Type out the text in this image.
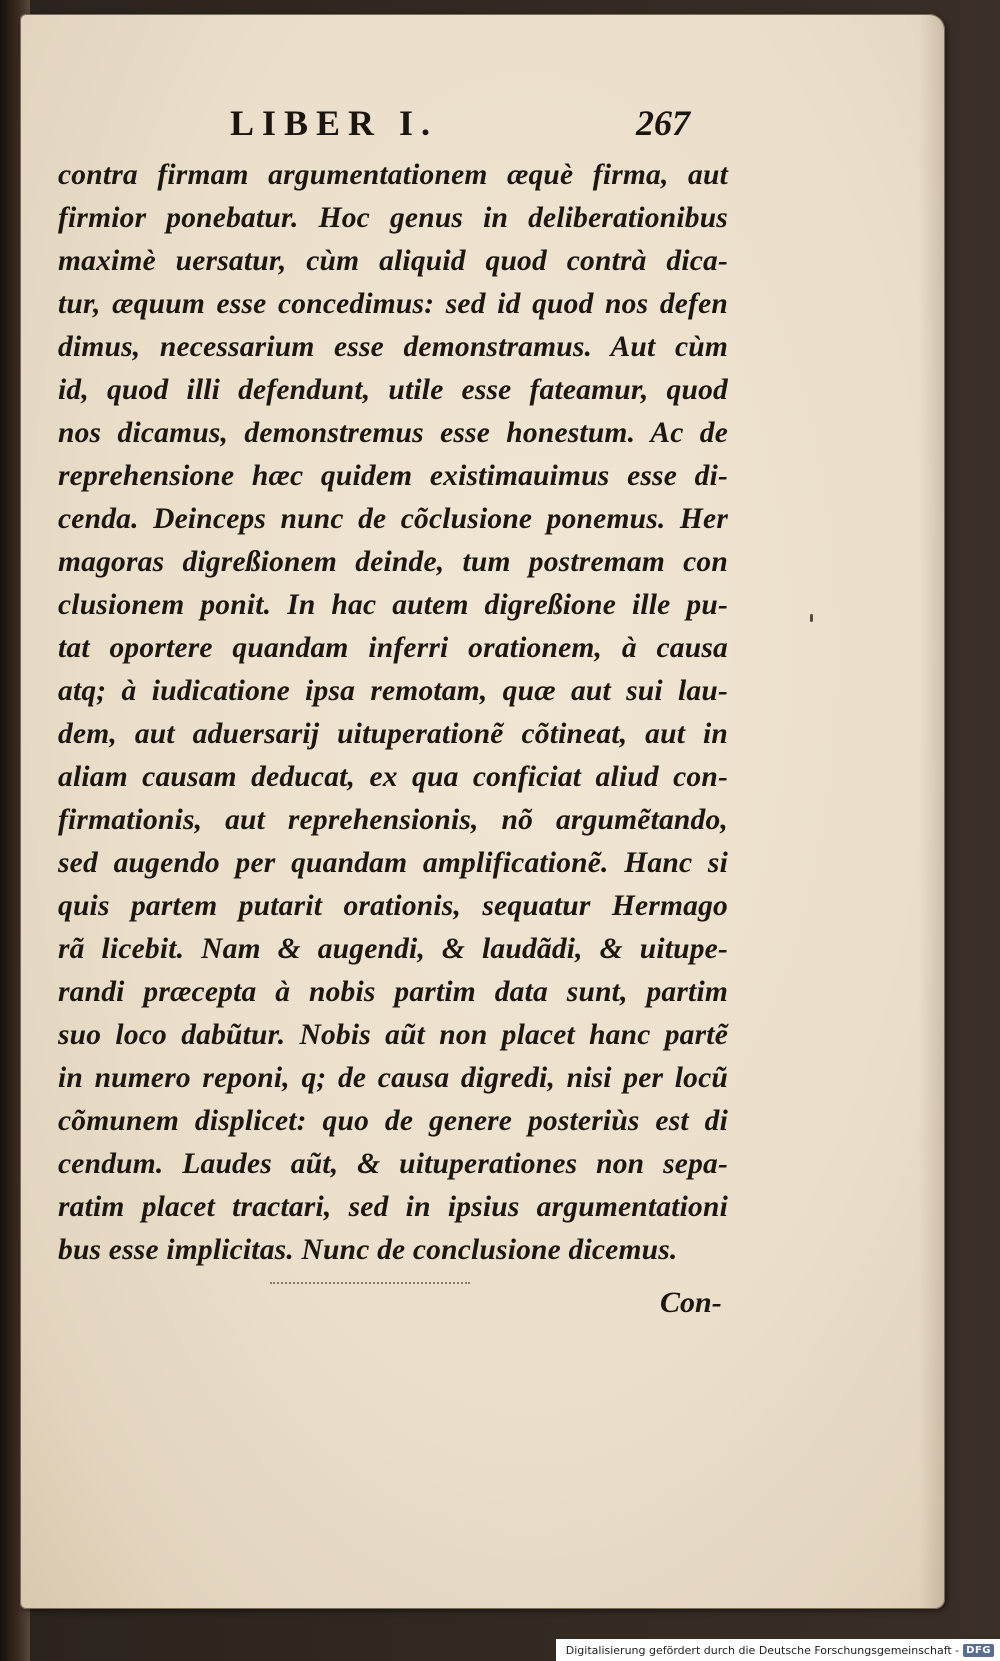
LIBER I.	267
contra firmam argumentationem æquè firma, aut
firmior ponebatur. Hoc genus in deliberationibus
maximè uersatur, cùm aliquid quod contrà dica-
tur, æquum esse concedimus: sed id quod nos defen
dimus, necessarium esse demonstramus. Aut cùm
id, quod illi defendunt, utile esse fateamur, quod
nos dicamus, demonstremus esse honestum. Ac de
reprehensione hæc quidem existimauimus esse di-
cenda. Deinceps nunc de cõclusione ponemus. Her
magoras digreßionem deinde, tum postremam con
clusionem ponit. In hac autem digreßione ille pu-
tat oportere quandam inferri orationem, à causa
atq; à iudicatione ipsa remotam, quæ aut sui lau-
dem, aut aduersarij uituperationẽ cõtineat, aut in
aliam causam deducat, ex qua conficiat aliud con-
firmationis, aut reprehensionis, nõ argumẽtando,
sed augendo per quandam amplificationẽ. Hanc si
quis partem putarit orationis, sequatur Hermago
rã licebit. Nam & augendi, & laudãdi, & uitupe-
randi præcepta à nobis partim data sunt, partim
suo loco dabũtur. Nobis aũt non placet hanc partẽ
in numero reponi, q; de causa digredi, nisi per locũ
cõmunem displicet: quo de genere posteriùs est di
cendum. Laudes aũt, & uituperationes non sepa-
ratim placet tractari, sed in ipsius argumentationi
bus esse implicitas. Nunc de conclusione dicemus.
Con-
Digitalisierung gefördert durch die Deutsche Forschungsgemeinschaft - DFG
